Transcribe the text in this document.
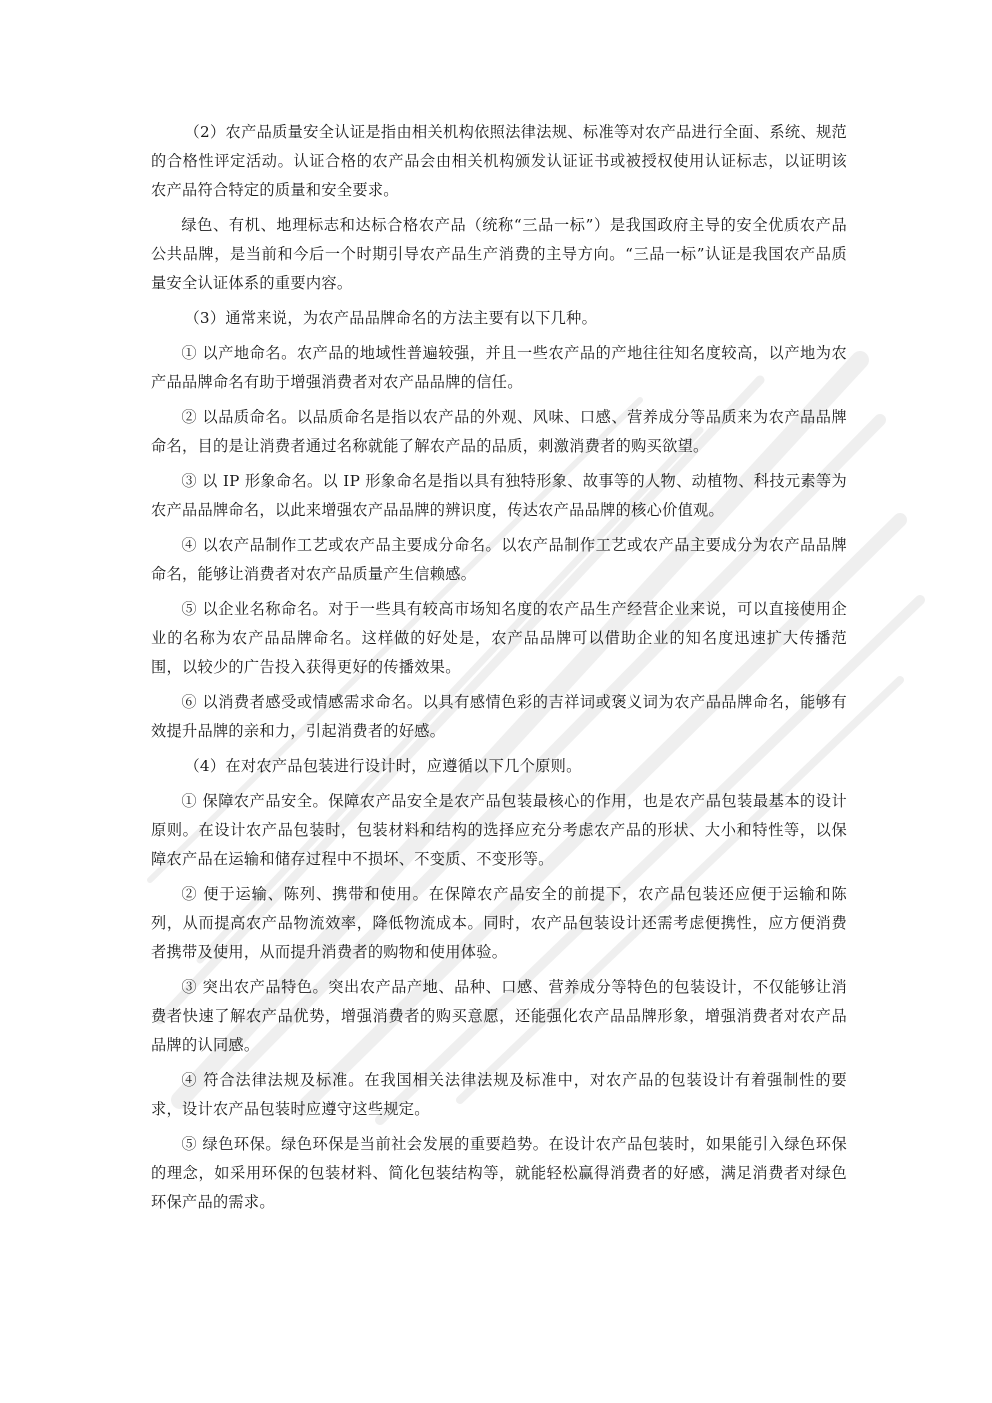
（2）农产品质量安全认证是指由相关机构依照法律法规、标准等对农产品进行全面、系统、规范的合格性评定活动。认证合格的农产品会由相关机构颁发认证证书或被授权使用认证标志，以证明该农产品符合特定的质量和安全要求。

绿色、有机、地理标志和达标合格农产品（统称“三品一标”）是我国政府主导的安全优质农产品公共品牌，是当前和今后一个时期引导农产品生产消费的主导方向。“三品一标”认证是我国农产品质量安全认证体系的重要内容。

（3）通常来说，为农产品品牌命名的方法主要有以下几种。

① 以产地命名。农产品的地域性普遍较强，并且一些农产品的产地往往知名度较高，以产地为农产品品牌命名有助于增强消费者对农产品品牌的信任。

② 以品质命名。以品质命名是指以农产品的外观、风味、口感、营养成分等品质来为农产品品牌命名，目的是让消费者通过名称就能了解农产品的品质，刺激消费者的购买欲望。

③ 以 IP 形象命名。以 IP 形象命名是指以具有独特形象、故事等的人物、动植物、科技元素等为农产品品牌命名，以此来增强农产品品牌的辨识度，传达农产品品牌的核心价值观。

④ 以农产品制作工艺或农产品主要成分命名。以农产品制作工艺或农产品主要成分为农产品品牌命名，能够让消费者对农产品质量产生信赖感。

⑤ 以企业名称命名。对于一些具有较高市场知名度的农产品生产经营企业来说，可以直接使用企业的名称为农产品品牌命名。这样做的好处是，农产品品牌可以借助企业的知名度迅速扩大传播范围，以较少的广告投入获得更好的传播效果。

⑥ 以消费者感受或情感需求命名。以具有感情色彩的吉祥词或褒义词为农产品品牌命名，能够有效提升品牌的亲和力，引起消费者的好感。

（4）在对农产品包装进行设计时，应遵循以下几个原则。

① 保障农产品安全。保障农产品安全是农产品包装最核心的作用，也是农产品包装最基本的设计原则。在设计农产品包装时，包装材料和结构的选择应充分考虑农产品的形状、大小和特性等，以保障农产品在运输和储存过程中不损坏、不变质、不变形等。

② 便于运输、陈列、携带和使用。在保障农产品安全的前提下，农产品包装还应便于运输和陈列，从而提高农产品物流效率，降低物流成本。同时，农产品包装设计还需考虑便携性，应方便消费者携带及使用，从而提升消费者的购物和使用体验。

③ 突出农产品特色。突出农产品产地、品种、口感、营养成分等特色的包装设计，不仅能够让消费者快速了解农产品优势，增强消费者的购买意愿，还能强化农产品品牌形象，增强消费者对农产品品牌的认同感。

④ 符合法律法规及标准。在我国相关法律法规及标准中，对农产品的包装设计有着强制性的要求，设计农产品包装时应遵守这些规定。

⑤ 绿色环保。绿色环保是当前社会发展的重要趋势。在设计农产品包装时，如果能引入绿色环保的理念，如采用环保的包装材料、简化包装结构等，就能轻松赢得消费者的好感，满足消费者对绿色环保产品的需求。
